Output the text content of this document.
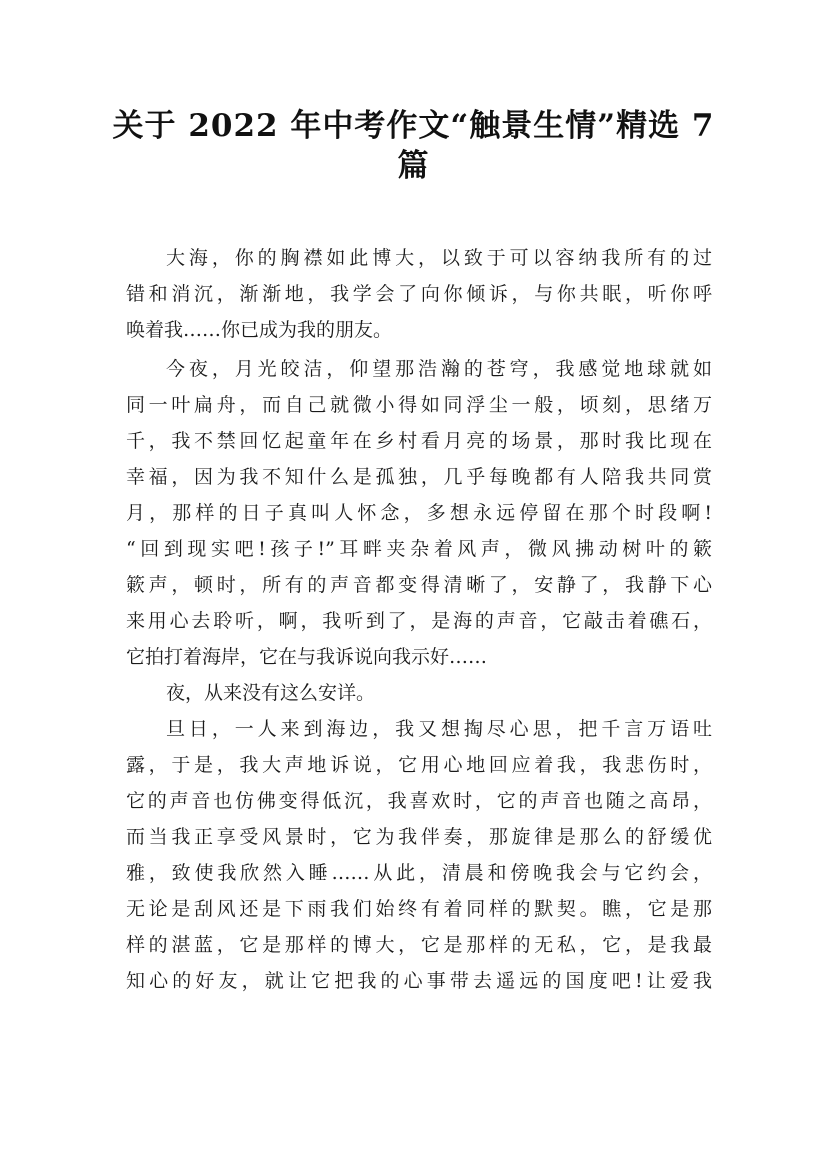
关于 2022 年中考作文“触景生情”精选 7
篇
大海，你的胸襟如此博大，以致于可以容纳我所有的过
错和消沉，渐渐地，我学会了向你倾诉，与你共眠，听你呼
唤着我……你已成为我的朋友。
今夜，月光皎洁，仰望那浩瀚的苍穹，我感觉地球就如
同一叶扁舟，而自己就微小得如同浮尘一般，顷刻，思绪万
千，我不禁回忆起童年在乡村看月亮的场景，那时我比现在
幸福，因为我不知什么是孤独，几乎每晚都有人陪我共同赏
月，那样的日子真叫人怀念，多想永远停留在那个时段啊!
“回到现实吧!孩子!”耳畔夹杂着风声，微风拂动树叶的簌
簌声，顿时，所有的声音都变得清晰了，安静了，我静下心
来用心去聆听，啊，我听到了，是海的声音，它敲击着礁石，
它拍打着海岸，它在与我诉说向我示好……
夜，从来没有这么安详。
旦日，一人来到海边，我又想掏尽心思，把千言万语吐
露，于是，我大声地诉说，它用心地回应着我，我悲伤时，
它的声音也仿佛变得低沉，我喜欢时，它的声音也随之高昂，
而当我正享受风景时，它为我伴奏，那旋律是那么的舒缓优
雅，致使我欣然入睡……从此，清晨和傍晚我会与它约会，
无论是刮风还是下雨我们始终有着同样的默契。瞧，它是那
样的湛蓝，它是那样的博大，它是那样的无私，它，是我最
知心的好友，就让它把我的心事带去遥远的国度吧!让爱我
